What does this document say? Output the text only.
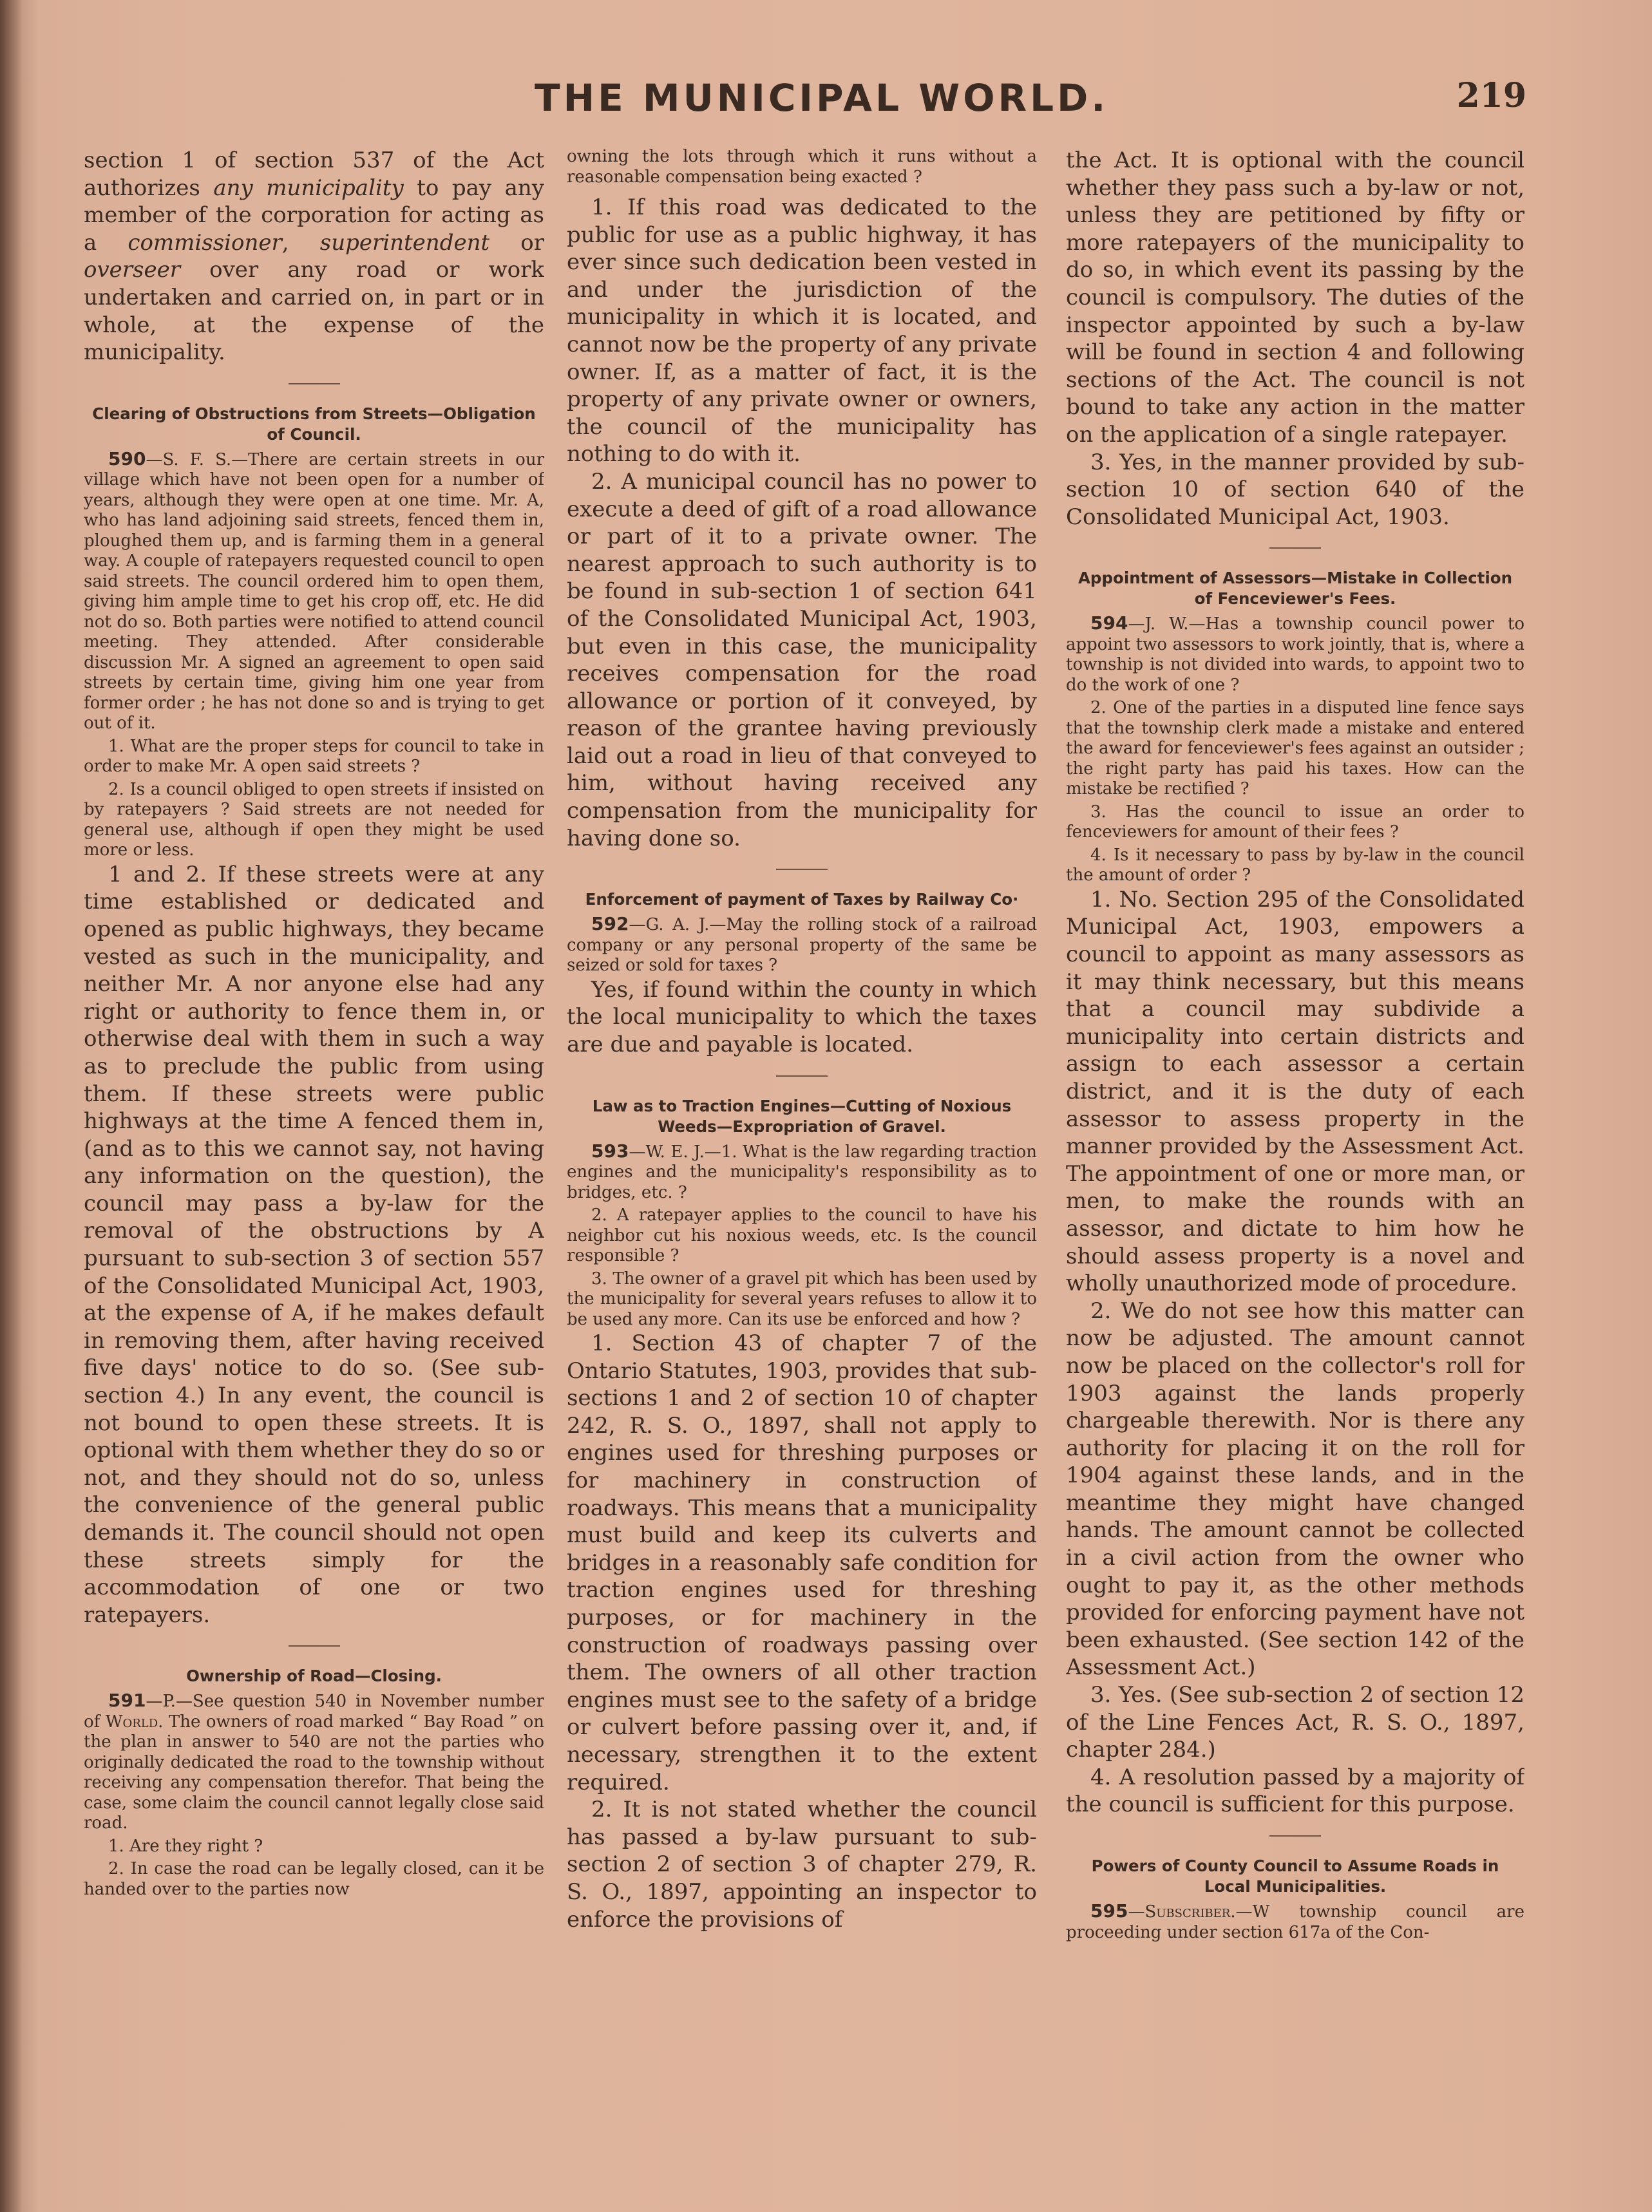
THE MUNICIPAL WORLD.	219

section 1 of section 537 of the Act authorizes any municipality to pay any member of the corporation for acting as a commissioner, superintendent or overseer over any road or work undertaken and carried on, in part or in whole, at the expense of the municipality.

Clearing of Obstructions from Streets—Obligation of Council.

590—S. F. S.—There are certain streets in our village which have not been open for a number of years, although they were open at one time. Mr. A, who has land adjoining said streets, fenced them in, ploughed them up, and is farming them in a general way. A couple of ratepayers requested council to open said streets. The council ordered him to open them, giving him ample time to get his crop off, etc. He did not do so. Both parties were notified to attend council meeting. They attended. After considerable discussion Mr. A signed an agreement to open said streets by certain time, giving him one year from former order ; he has not done so and is trying to get out of it.

1. What are the proper steps for council to take in order to make Mr. A open said streets ?

2. Is a council obliged to open streets if insisted on by ratepayers ? Said streets are not needed for general use, although if open they might be used more or less.

1 and 2. If these streets were at any time established or dedicated and opened as public highways, they became vested as such in the municipality, and neither Mr. A nor anyone else had any right or authority to fence them in, or otherwise deal with them in such a way as to preclude the public from using them. If these streets were public highways at the time A fenced them in, (and as to this we cannot say, not having any information on the question), the council may pass a by-law for the removal of the obstructions by A pursuant to sub-section 3 of section 557 of the Consolidated Municipal Act, 1903, at the expense of A, if he makes default in removing them, after having received five days' notice to do so. (See sub-section 4.) In any event, the council is not bound to open these streets. It is optional with them whether they do so or not, and they should not do so, unless the convenience of the general public demands it. The council should not open these streets simply for the accommodation of one or two ratepayers.

Ownership of Road—Closing.

591—P.—See question 540 in November number of World. The owners of road marked “ Bay Road ” on the plan in answer to 540 are not the parties who originally dedicated the road to the township without receiving any compensation therefor. That being the case, some claim the council cannot legally close said road.

1. Are they right ?

2. In case the road can be legally closed, can it be handed over to the parties now

owning the lots through which it runs without a reasonable compensation being exacted ?

1. If this road was dedicated to the public for use as a public highway, it has ever since such dedication been vested in and under the jurisdiction of the municipality in which it is located, and cannot now be the property of any private owner. If, as a matter of fact, it is the property of any private owner or owners, the council of the municipality has nothing to do with it.

2. A municipal council has no power to execute a deed of gift of a road allowance or part of it to a private owner. The nearest approach to such authority is to be found in sub-section 1 of section 641 of the Consolidated Municipal Act, 1903, but even in this case, the municipality receives compensation for the road allowance or portion of it conveyed, by reason of the grantee having previously laid out a road in lieu of that conveyed to him, without having received any compensation from the municipality for having done so.

Enforcement of payment of Taxes by Railway Co·

592—G. A. J.—May the rolling stock of a railroad company or any personal property of the same be seized or sold for taxes ?

Yes, if found within the county in which the local municipality to which the taxes are due and payable is located.

Law as to Traction Engines—Cutting of Noxious Weeds—Expropriation of Gravel.

593—W. E. J.—1. What is the law regarding traction engines and the municipality's responsibility as to bridges, etc. ?

2. A ratepayer applies to the council to have his neighbor cut his noxious weeds, etc. Is the council responsible ?

3. The owner of a gravel pit which has been used by the municipality for several years refuses to allow it to be used any more. Can its use be enforced and how ?

1. Section 43 of chapter 7 of the Ontario Statutes, 1903, provides that sub-sections 1 and 2 of section 10 of chapter 242, R. S. O., 1897, shall not apply to engines used for threshing purposes or for machinery in construction of roadways. This means that a municipality must build and keep its culverts and bridges in a reasonably safe condition for traction engines used for threshing purposes, or for machinery in the construction of roadways passing over them. The owners of all other traction engines must see to the safety of a bridge or culvert before passing over it, and, if necessary, strengthen it to the extent required.

2. It is not stated whether the council has passed a by-law pursuant to sub-section 2 of section 3 of chapter 279, R. S. O., 1897, appointing an inspector to enforce the provisions of

the Act. It is optional with the council whether they pass such a by-law or not, unless they are petitioned by fifty or more ratepayers of the municipality to do so, in which event its passing by the council is compulsory. The duties of the inspector appointed by such a by-law will be found in section 4 and following sections of the Act. The council is not bound to take any action in the matter on the application of a single ratepayer.

3. Yes, in the manner provided by sub-section 10 of section 640 of the Consolidated Municipal Act, 1903.

Appointment of Assessors—Mistake in Collection of Fenceviewer's Fees.

594—J. W.—Has a township council power to appoint two assessors to work jointly, that is, where a township is not divided into wards, to appoint two to do the work of one ?

2. One of the parties in a disputed line fence says that the township clerk made a mistake and entered the award for fenceviewer's fees against an outsider ; the right party has paid his taxes. How can the mistake be rectified ?

3. Has the council to issue an order to fenceviewers for amount of their fees ?

4. Is it necessary to pass by by-law in the council the amount of order ?

1. No. Section 295 of the Consolidated Municipal Act, 1903, empowers a council to appoint as many assessors as it may think necessary, but this means that a council may subdivide a municipality into certain districts and assign to each assessor a certain district, and it is the duty of each assessor to assess property in the manner provided by the Assessment Act. The appointment of one or more man, or men, to make the rounds with an assessor, and dictate to him how he should assess property is a novel and wholly unauthorized mode of procedure.

2. We do not see how this matter can now be adjusted. The amount cannot now be placed on the collector's roll for 1903 against the lands properly chargeable therewith. Nor is there any authority for placing it on the roll for 1904 against these lands, and in the meantime they might have changed hands. The amount cannot be collected in a civil action from the owner who ought to pay it, as the other methods provided for enforcing payment have not been exhausted. (See section 142 of the Assessment Act.)

3. Yes. (See sub-section 2 of section 12 of the Line Fences Act, R. S. O., 1897, chapter 284.)

4. A resolution passed by a majority of the council is sufficient for this purpose.

Powers of County Council to Assume Roads in Local Municipalities.

595—Subscriber.—W township council are proceeding under section 617a of the Con-
